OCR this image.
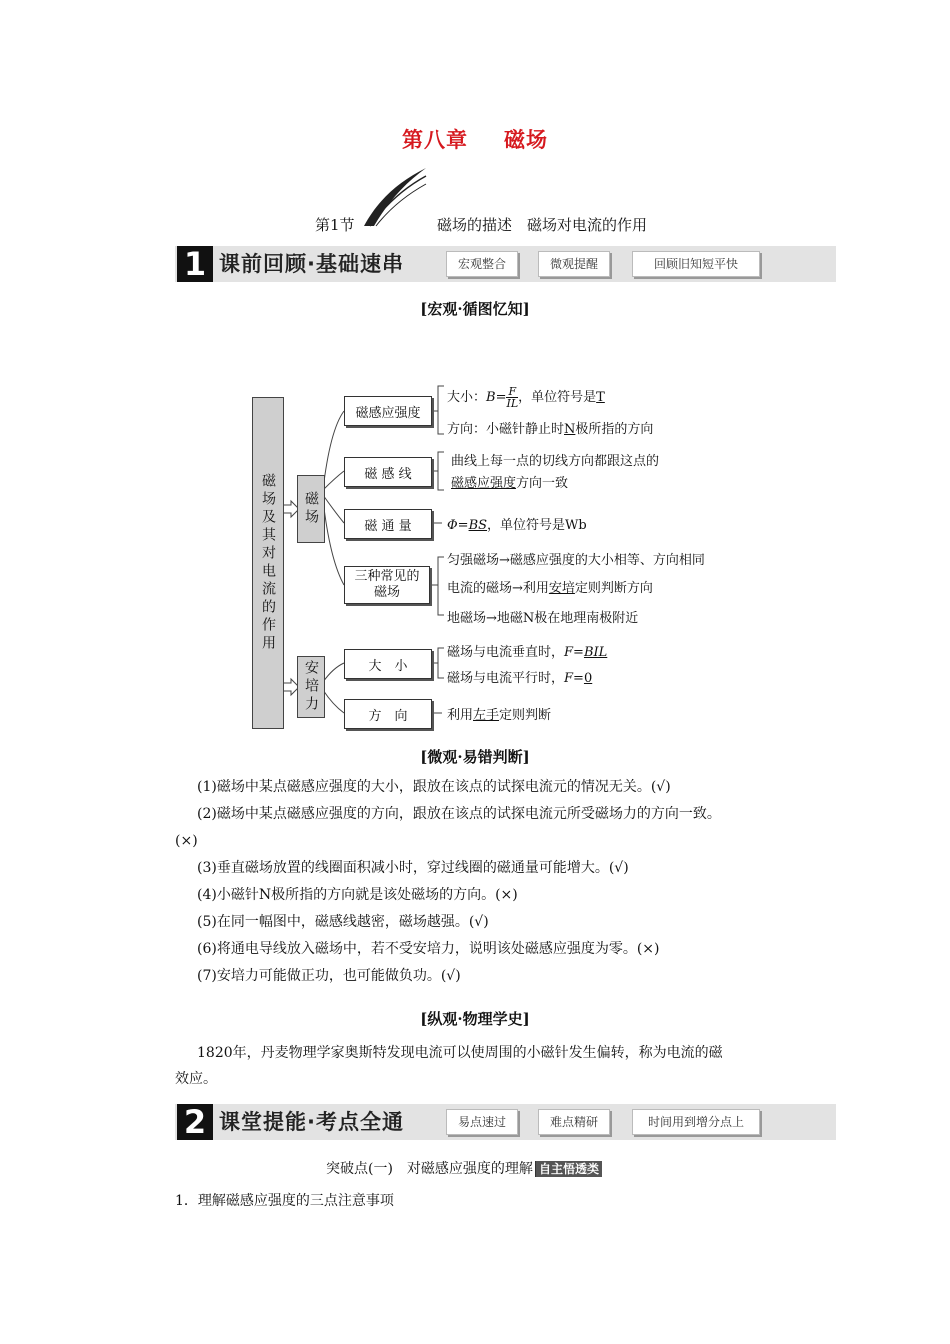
第八章 磁场
第1节	磁场的描述　磁场对电流的作用
1 课前回顾·基础速串	宏观整合	微观提醒	回顾旧知短平快
[宏观·循图忆知]
磁场及其对电流的作用	磁场
安培力
磁感应强度
磁 感 线
磁 通 量
三种常见的磁场
大　小
方　向
大小：$B= \frac{F}{IL}$ ，单位符号是T
方向：小磁针静止时N极所指的方向
曲线上每一点的切线方向都跟这点的
磁感应强度方向一致
Φ=BS，单位符号是Wb
匀强磁场→磁感应强度的大小相等、方向相同
电流的磁场→利用安培定则判断方向
地磁场→地磁N极在地理南极附近
磁场与电流垂直时，F=BIL
磁场与电流平行时，F=0
利用左手定则判断
[微观·易错判断]
(1)磁场中某点磁感应强度的大小，跟放在该点的试探电流元的情况无关。(√)
(2)磁场中某点磁感应强度的方向，跟放在该点的试探电流元所受磁场力的方向一致。
(×)
(3)垂直磁场放置的线圈面积减小时，穿过线圈的磁通量可能增大。(√)
(4)小磁针N极所指的方向就是该处磁场的方向。(×)
(5)在同一幅图中，磁感线越密，磁场越强。(√)
(6)将通电导线放入磁场中，若不受安培力，说明该处磁感应强度为零。(×)
(7)安培力可能做正功，也可能做负功。(√)
[纵观·物理学史]
1820年，丹麦物理学家奥斯特发现电流可以使周围的小磁针发生偏转，称为电流的磁
效应。
2 课堂提能·考点全通	易点速过	难点精研	时间用到增分点上
突破点(一)　对磁感应强度的理解 自主悟透类
1．理解磁感应强度的三点注意事项
